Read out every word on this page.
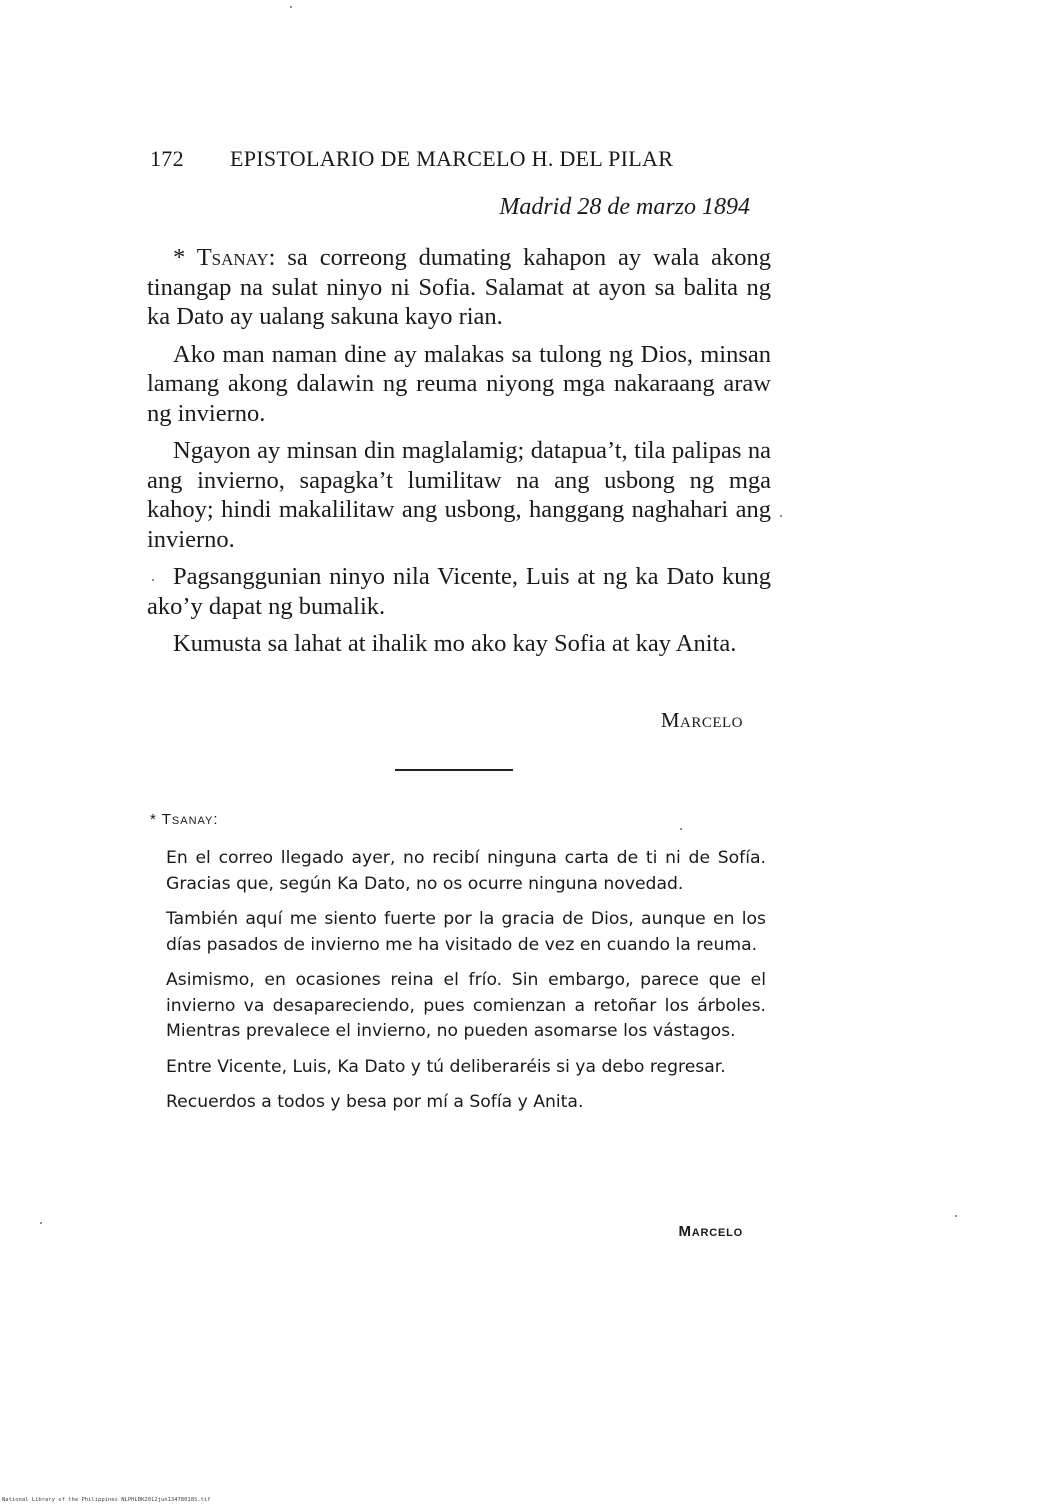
172 EPISTOLARIO DE MARCELO H. DEL PILAR
Madrid 28 de marzo 1894

* Tsanay: sa correong dumating kahapon ay wala akong tinangap na sulat ninyo ni Sofia. Salamat at ayon sa balita ng ka Dato ay ualang sakuna kayo rian.

Ako man naman dine ay malakas sa tulong ng Dios, minsan lamang akong dalawin ng reuma niyong mga nakaraang araw ng invierno.

Ngayon ay minsan din maglalamig; datapua’t, tila palipas na ang invierno, sapagka’t lumilitaw na ang usbong ng mga kahoy; hindi makalilitaw ang usbong, hanggang naghahari ang invierno.

Pagsanggunian ninyo nila Vicente, Luis at ng ka Dato kung ako’y dapat ng bumalik.

Kumusta sa lahat at ihalik mo ako kay Sofia at kay Anita.

Marcelo
* Tsanay:

En el correo llegado ayer, no recibí ninguna carta de ti ni de Sofía. Gracias que, según Ka Dato, no os ocurre ninguna novedad.

También aquí me siento fuerte por la gracia de Dios, aunque en los días pasados de invierno me ha visitado de vez en cuando la reuma.

Asimismo, en ocasiones reina el frío. Sin embargo, parece que el invierno va desapareciendo, pues comienzan a retoñar los árboles. Mientras prevalece el invierno, no pueden asomarse los vástagos.

Entre Vicente, Luis, Ka Dato y tú deliberaréis si ya debo regresar.

Recuerdos a todos y besa por mí a Sofía y Anita.

Marcelo
National Library of the Philippines NLPHLBK2012jun13478018S.tif
